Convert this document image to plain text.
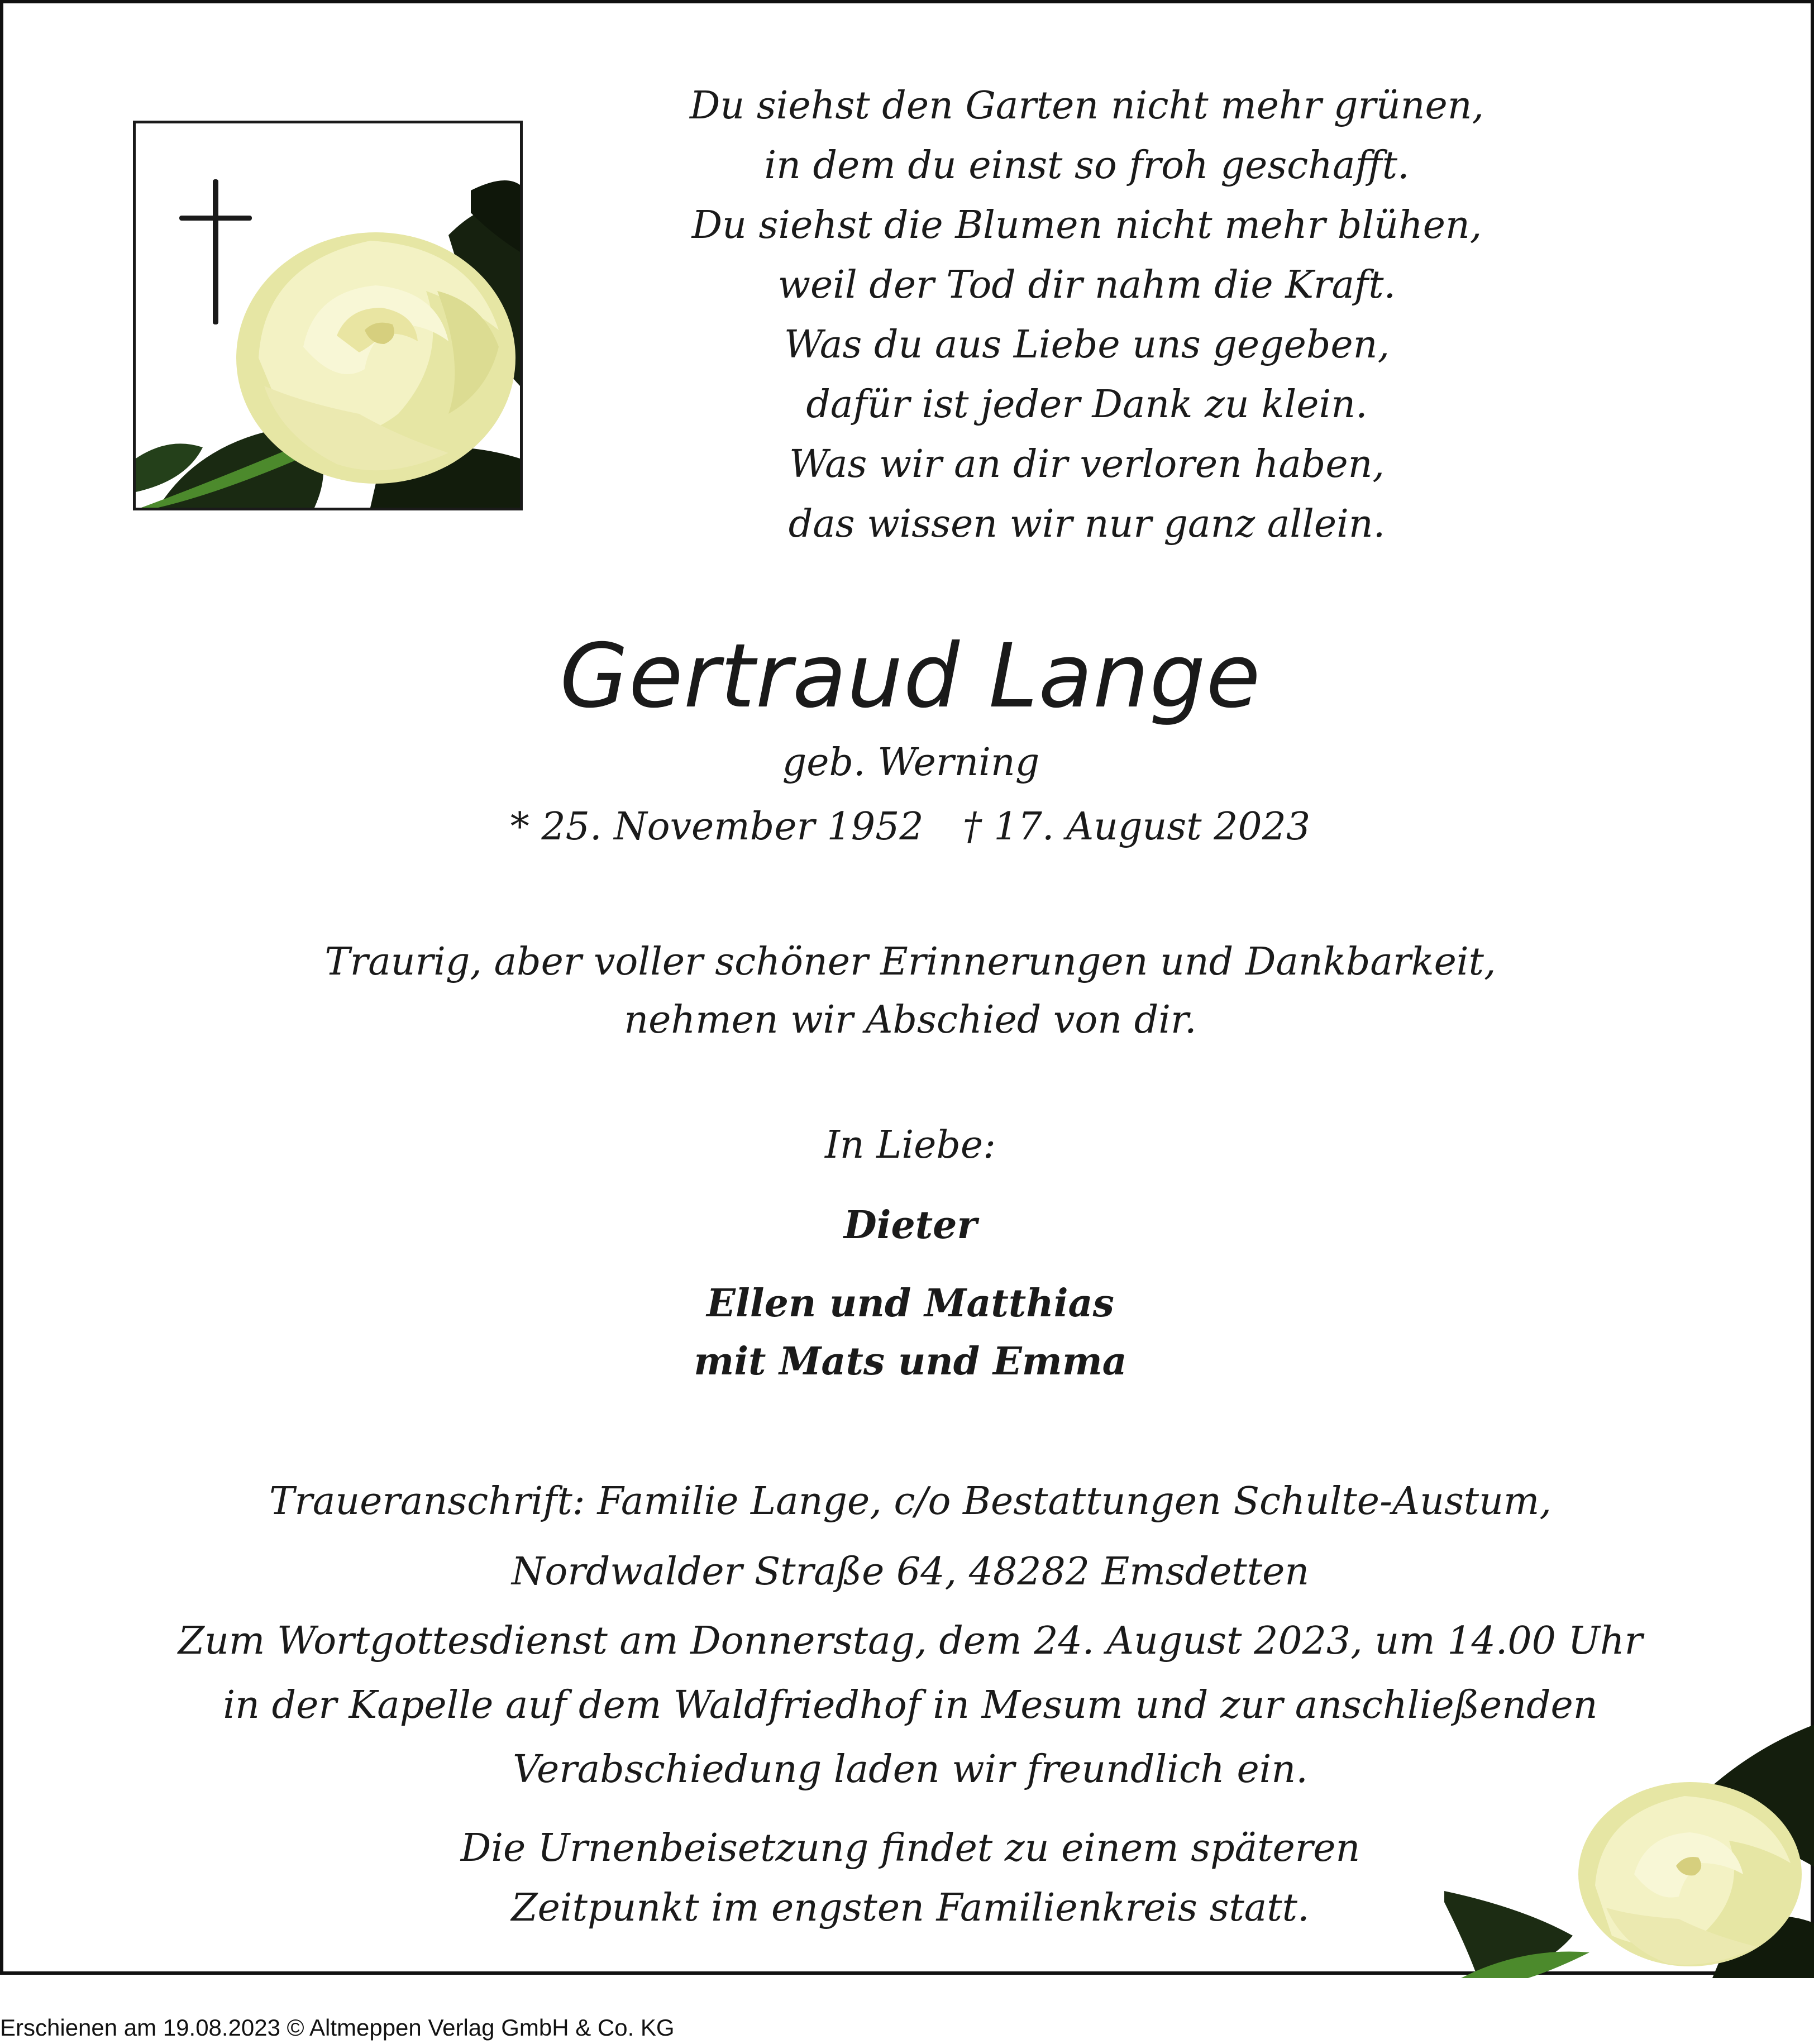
Du siehst den Garten nicht mehr grünen,
in dem du einst so froh geschafft.
Du siehst die Blumen nicht mehr blühen,
weil der Tod dir nahm die Kraft.
Was du aus Liebe uns gegeben,
dafür ist jeder Dank zu klein.
Was wir an dir verloren haben,
das wissen wir nur ganz allein.
Gertraud Lange
geb. Werning
* 25. November 1952 † 17. August 2023
Traurig, aber voller schöner Erinnerungen und Dankbarkeit,
nehmen wir Abschied von dir.
In Liebe:
Dieter
Ellen und Matthias
mit Mats und Emma
Traueranschrift: Familie Lange, c/o Bestattungen Schulte-Austum,
Nordwalder Straße 64, 48282 Emsdetten
Zum Wortgottesdienst am Donnerstag, dem 24. August 2023, um 14.00 Uhr
in der Kapelle auf dem Waldfriedhof in Mesum und zur anschließenden
Verabschiedung laden wir freundlich ein.
Die Urnenbeisetzung findet zu einem späteren
Zeitpunkt im engsten Familienkreis statt.
Erschienen am 19.08.2023 © Altmeppen Verlag GmbH & Co. KG
